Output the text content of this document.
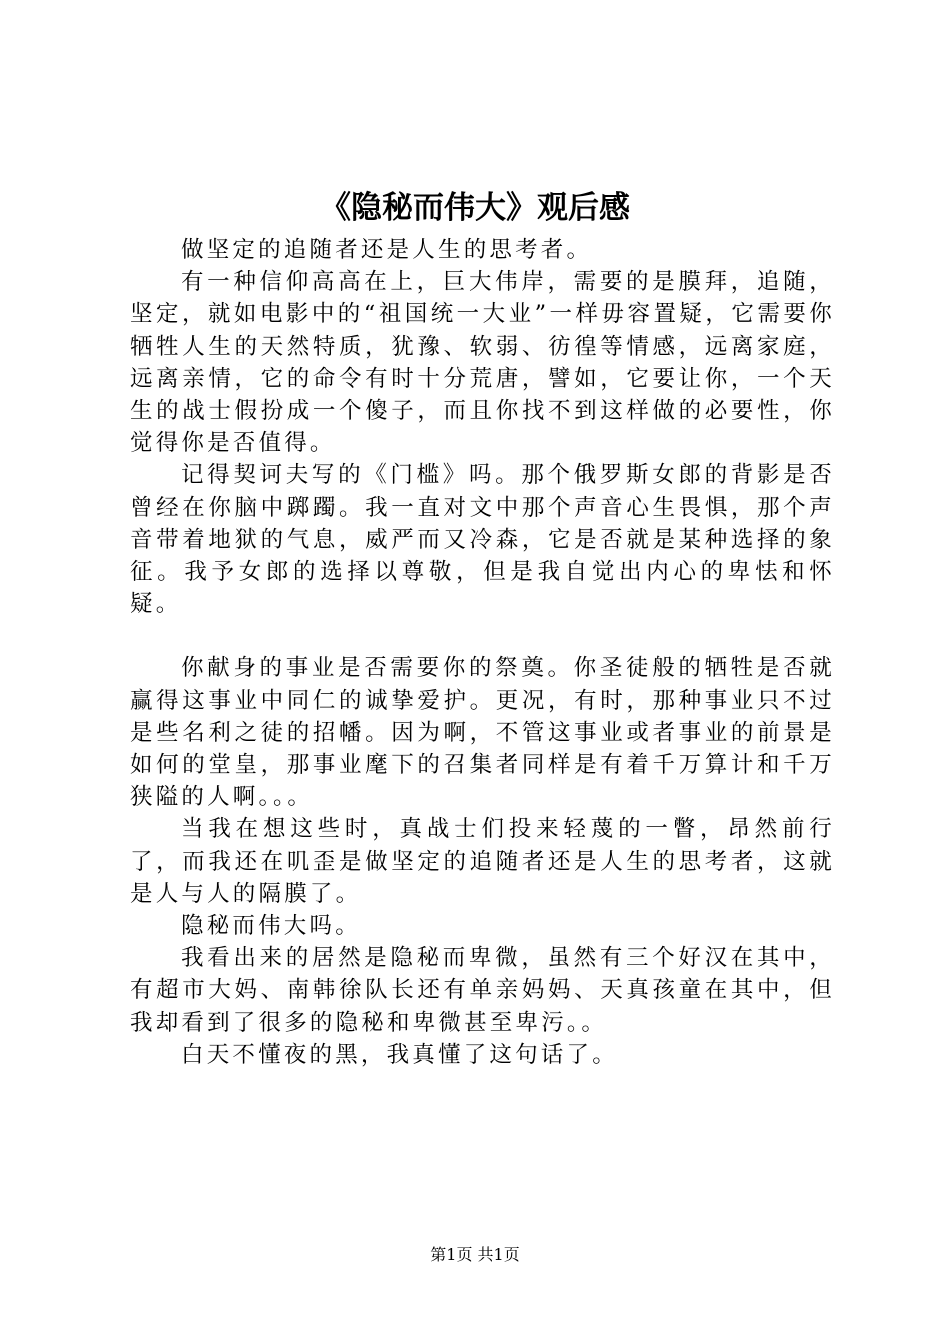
《隐秘而伟大》观后感

做坚定的追随者还是人生的思考者。

有一种信仰高高在上，巨大伟岸，需要的是膜拜，追随，坚定，就如电影中的“祖国统一大业”一样毋容置疑，它需要你牺牲人生的天然特质，犹豫、软弱、彷徨等情感，远离家庭，远离亲情，它的命令有时十分荒唐，譬如，它要让你，一个天生的战士假扮成一个傻子，而且你找不到这样做的必要性，你觉得你是否值得。

记得契诃夫写的《门槛》吗。那个俄罗斯女郎的背影是否曾经在你脑中踯躅。我一直对文中那个声音心生畏惧，那个声音带着地狱的气息，威严而又冷森，它是否就是某种选择的象征。我予女郎的选择以尊敬，但是我自觉出内心的卑怯和怀疑。

你献身的事业是否需要你的祭奠。你圣徒般的牺牲是否就赢得这事业中同仁的诚挚爱护。更况，有时，那种事业只不过是些名利之徒的招幡。因为啊，不管这事业或者事业的前景是如何的堂皇，那事业麾下的召集者同样是有着千万算计和千万狭隘的人啊。。。

当我在想这些时，真战士们投来轻蔑的一瞥，昂然前行了，而我还在叽歪是做坚定的追随者还是人生的思考者，这就是人与人的隔膜了。

隐秘而伟大吗。

我看出来的居然是隐秘而卑微，虽然有三个好汉在其中，有超市大妈、南韩徐队长还有单亲妈妈、天真孩童在其中，但我却看到了很多的隐秘和卑微甚至卑污。。

白天不懂夜的黑，我真懂了这句话了。

第1页 共1页
